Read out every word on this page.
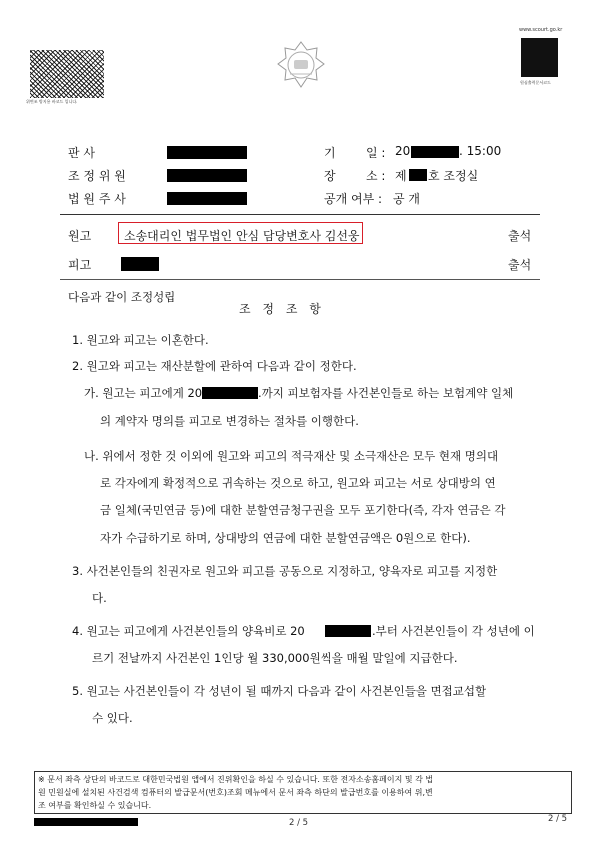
위변조 방지용 바코드 입니다.
www.scourt.go.kr
원심출력문서코드
판 사
조 정 위 원
법 원 주 사
기	일 : 20	. 15:00
장	소 : 제 호 조정실
공개 여부 : 공 개
원고	소송대리인 법무법인 안심 담당변호사 김선웅	출석
피고	출석
다음과 같이 조정성립
조 정 조 항
1. 원고와 피고는 이혼한다.
2. 원고와 피고는 재산분할에 관하여 다음과 같이 정한다.
가. 원고는 피고에게 20	.까지 피보험자를 사건본인들로 하는 보험계약 일체
의 계약자 명의를 피고로 변경하는 절차를 이행한다.
나. 위에서 정한 것 이외에 원고와 피고의 적극재산 및 소극재산은 모두 현재 명의대
로 각자에게 확정적으로 귀속하는 것으로 하고, 원고와 피고는 서로 상대방의 연
금 일체(국민연금 등)에 대한 분할연금청구권을 모두 포기한다(즉, 각자 연금은 각
자가 수급하기로 하며, 상대방의 연금에 대한 분할연금액은 0원으로 한다).
3. 사건본인들의 친권자로 원고와 피고를 공동으로 지정하고, 양육자로 피고를 지정한
다.
4. 원고는 피고에게 사건본인들의 양육비로 20	.부터 사건본인들이 각 성년에 이
르기 전날까지 사건본인 1인당 월 330,000원씩을 매월 말일에 지급한다.
5. 원고는 사건본인들이 각 성년이 될 때까지 다음과 같이 사건본인들을 면접교섭할
수 있다.
※ 문서 좌측 상단의 바코드로 대한민국법원 앱에서 진위확인을 하실 수 있습니다. 또한 전자소송홈페이지 및 각 법
원 민원실에 설치된 사건검색 컴퓨터의 발급문서(번호)조회 메뉴에서 문서 좌측 하단의 발급번호를 이용하여 위,변
조 여부를 확인하실 수 있습니다.
2 / 5	2 / 5
